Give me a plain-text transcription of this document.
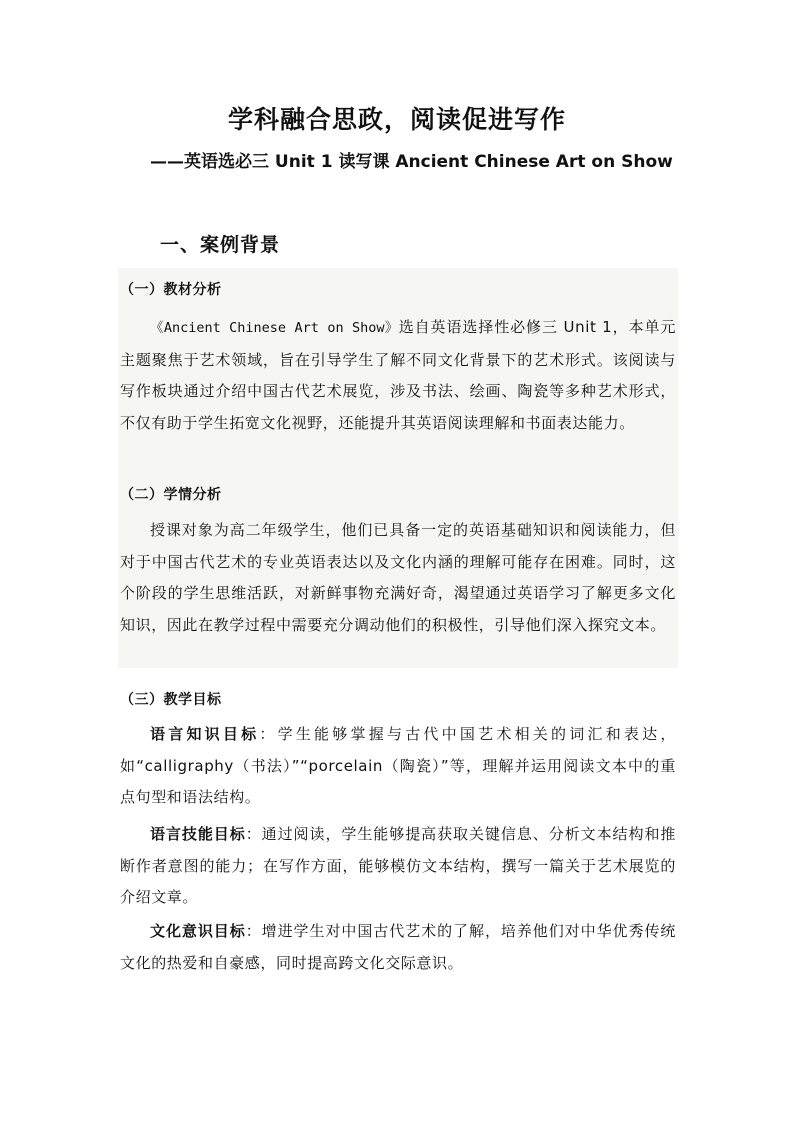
学科融合思政，阅读促进写作
——英语选必三 Unit 1 读写课 Ancient Chinese Art on Show
一、案例背景
（一）教材分析

《Ancient Chinese Art on Show》选自英语选择性必修三 Unit 1，本单元主题聚焦于艺术领域，旨在引导学生了解不同文化背景下的艺术形式。该阅读与写作板块通过介绍中国古代艺术展览，涉及书法、绘画、陶瓷等多种艺术形式，不仅有助于学生拓宽文化视野，还能提升其英语阅读理解和书面表达能力。

（二）学情分析

授课对象为高二年级学生，他们已具备一定的英语基础知识和阅读能力，但对于中国古代艺术的专业英语表达以及文化内涵的理解可能存在困难。同时，这个阶段的学生思维活跃，对新鲜事物充满好奇，渴望通过英语学习了解更多文化知识，因此在教学过程中需要充分调动他们的积极性，引导他们深入探究文本。

（三）教学目标

语言知识目标：学生能够掌握与古代中国艺术相关的词汇和表达，如“calligraphy（书法）”“porcelain（陶瓷）”等，理解并运用阅读文本中的重点句型和语法结构。

语言技能目标：通过阅读，学生能够提高获取关键信息、分析文本结构和推断作者意图的能力；在写作方面，能够模仿文本结构，撰写一篇关于艺术展览的介绍文章。

文化意识目标：增进学生对中国古代艺术的了解，培养他们对中华优秀传统文化的热爱和自豪感，同时提高跨文化交际意识。
